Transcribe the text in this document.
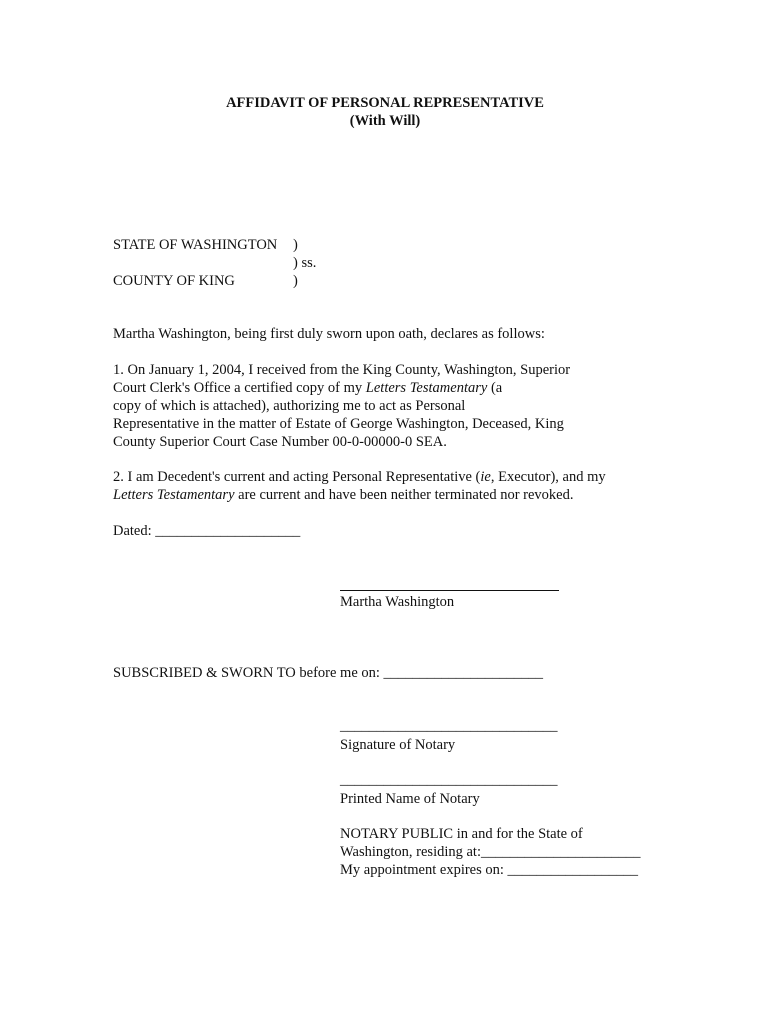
AFFIDAVIT OF PERSONAL REPRESENTATIVE
(With Will)
STATE OF WASHINGTON )
) ss.
COUNTY OF KING	)
Martha Washington, being first duly sworn upon oath, declares as follows:
1. On January 1, 2004, I received from the King County, Washington, Superior
Court Clerk's Office a certified copy of my Letters Testamentary (a
copy of which is attached), authorizing me to act as Personal
Representative in the matter of Estate of George Washington, Deceased, King
County Superior Court Case Number 00-0-00000-0 SEA.
2. I am Decedent's current and acting Personal Representative (ie, Executor), and my
Letters Testamentary are current and have been neither terminated nor revoked.
Dated: ____________________
Martha Washington
SUBSCRIBED & SWORN TO before me on: ______________________
______________________________
Signature of Notary
______________________________
Printed Name of Notary
NOTARY PUBLIC in and for the State of
Washington, residing at:______________________
My appointment expires on: __________________
